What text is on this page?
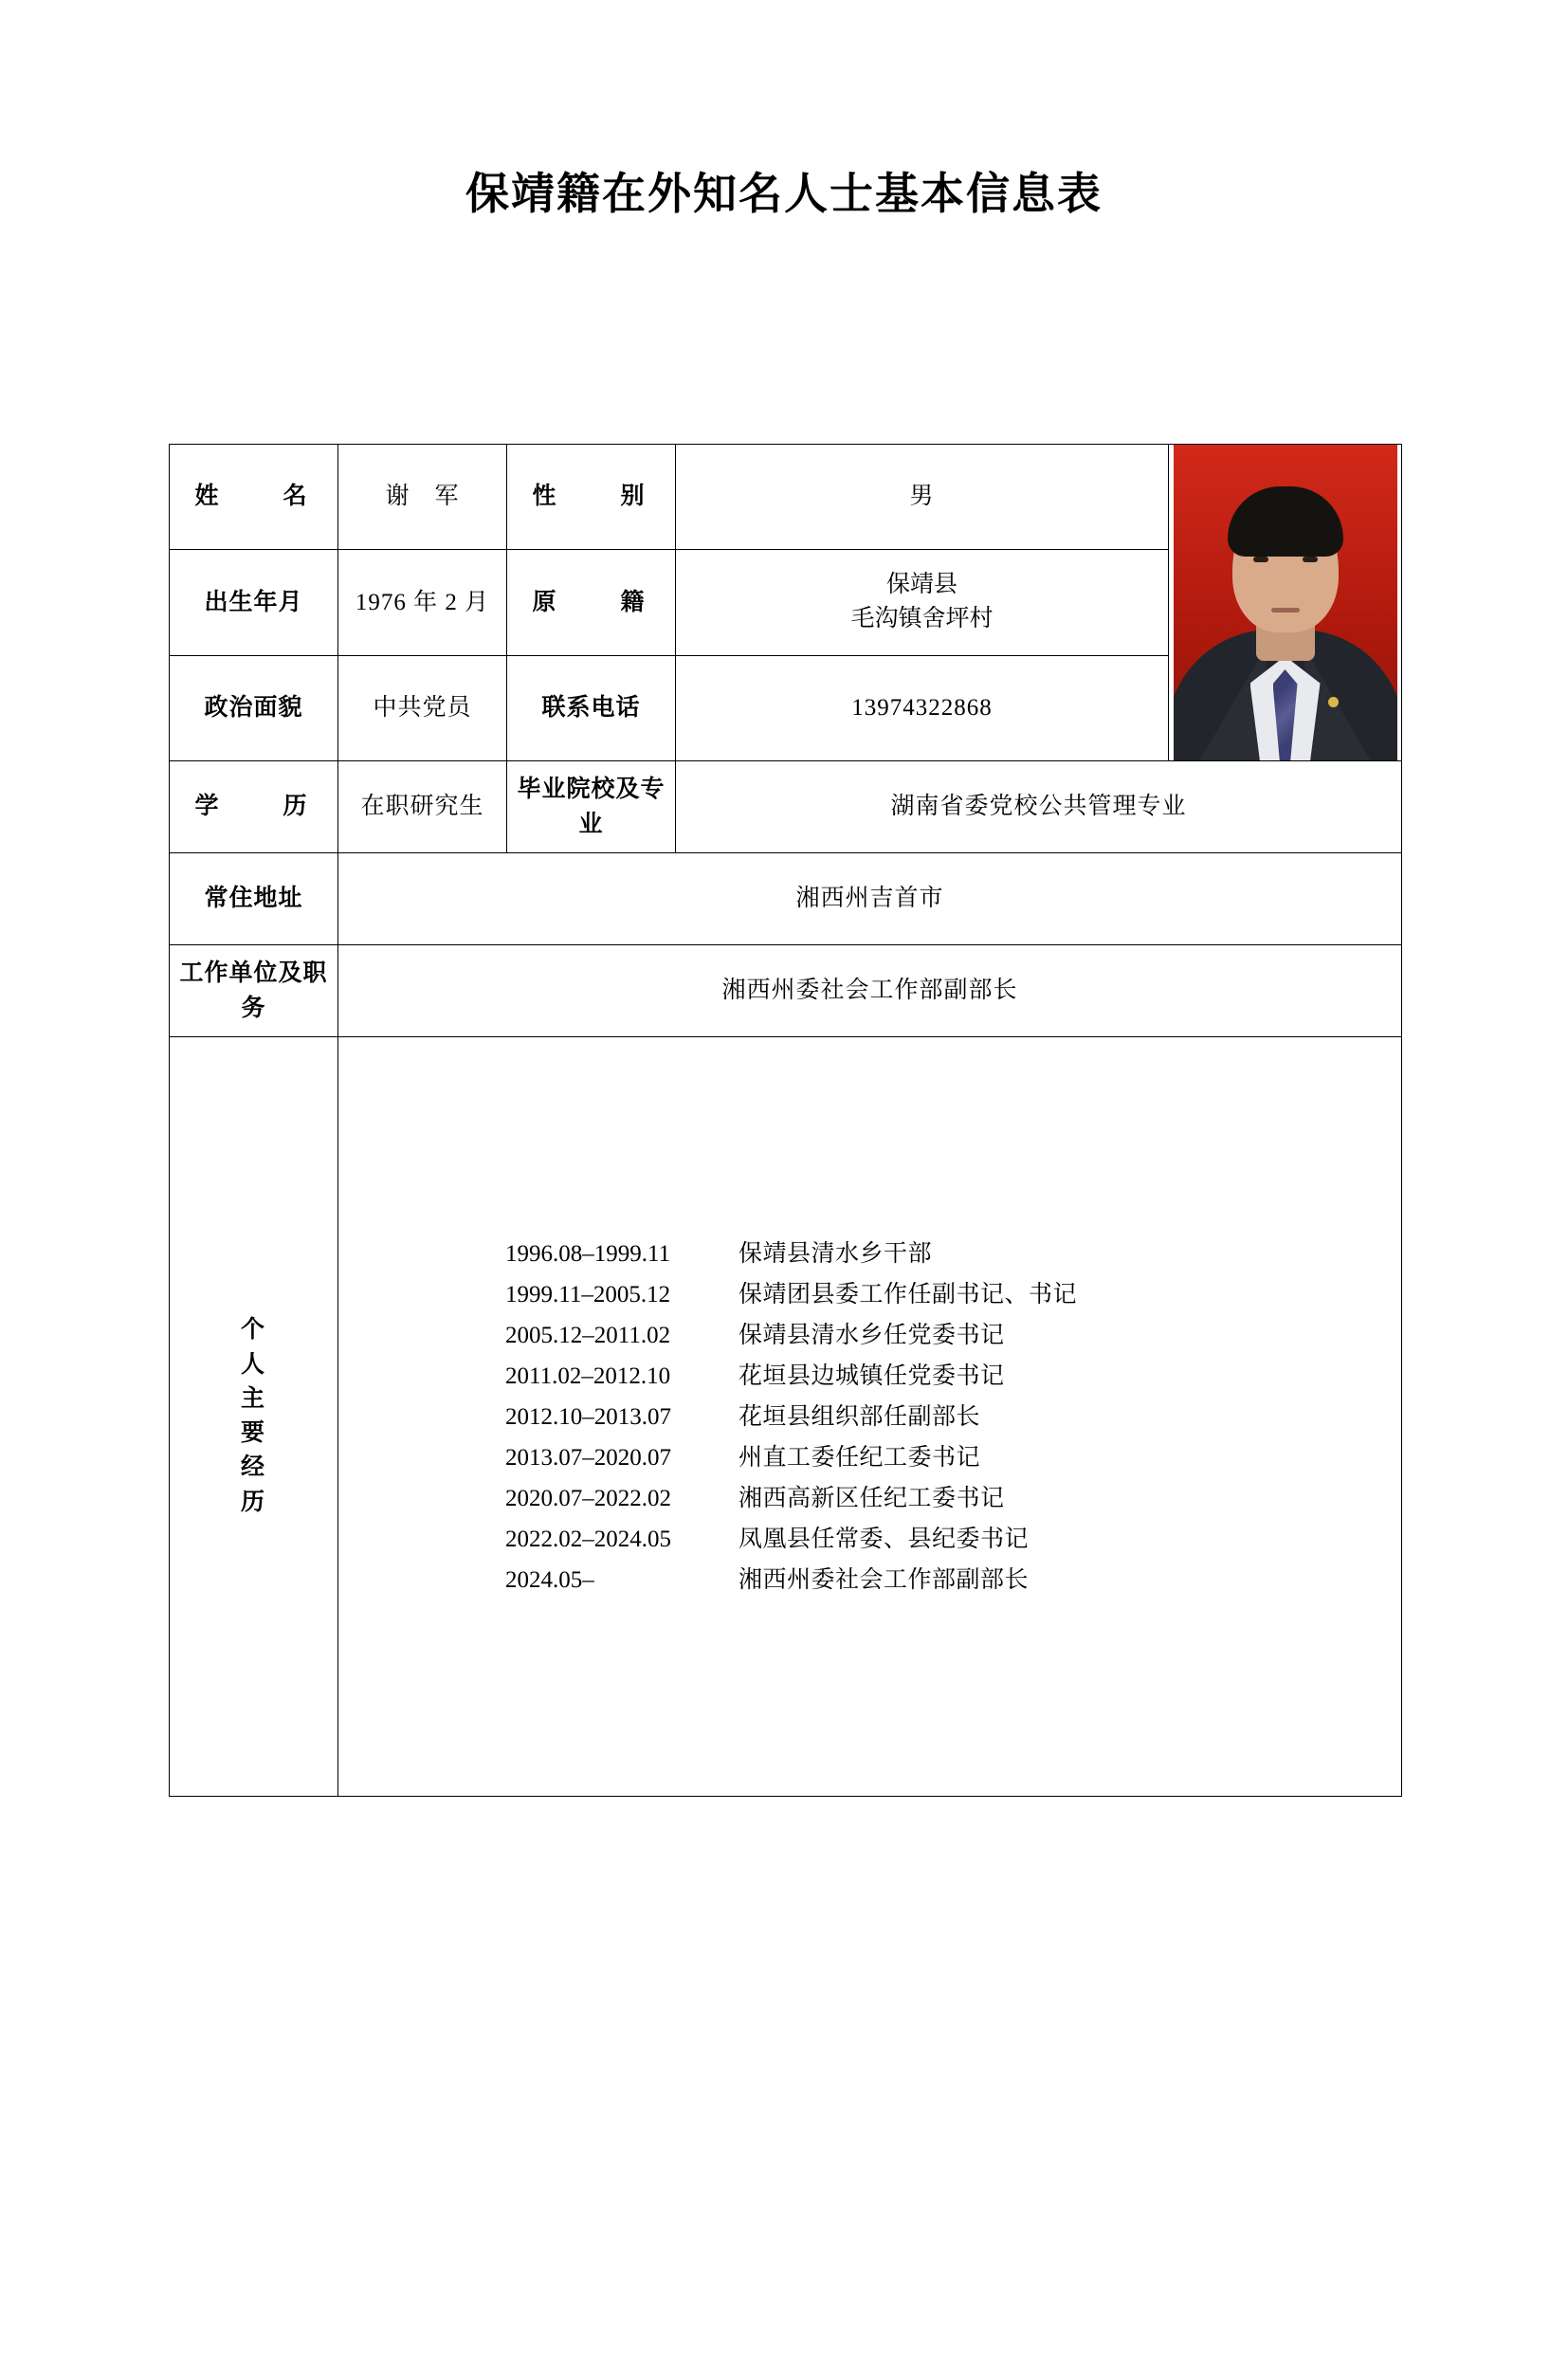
保靖籍在外知名人士基本信息表
姓　　名	谢　军	性　　别	男	

出生年月	1976 年 2 月	原　　籍	保靖县
毛沟镇舍坪村	

政治面貌	中共党员	联系电话	13974322868	
学　　历	在职研究生	毕业院校及专业	湖南省委党校公共管理专业	
常住地址	湘西州吉首市			
工作单位及职务	湘西州委社会工作部副部长			

个
人
主
要
经
历

1996.08–1999.11	保靖县清水乡干部
1999.11–2005.12	保靖团县委工作任副书记、书记
2005.12–2011.02	保靖县清水乡任党委书记
2011.02–2012.10	花垣县边城镇任党委书记
2012.10–2013.07	花垣县组织部任副部长
2013.07–2020.07	州直工委任纪工委书记
2020.07–2022.02	湘西高新区任纪工委书记
2022.02–2024.05	凤凰县任常委、县纪委书记
2024.05–	湘西州委社会工作部副部长
